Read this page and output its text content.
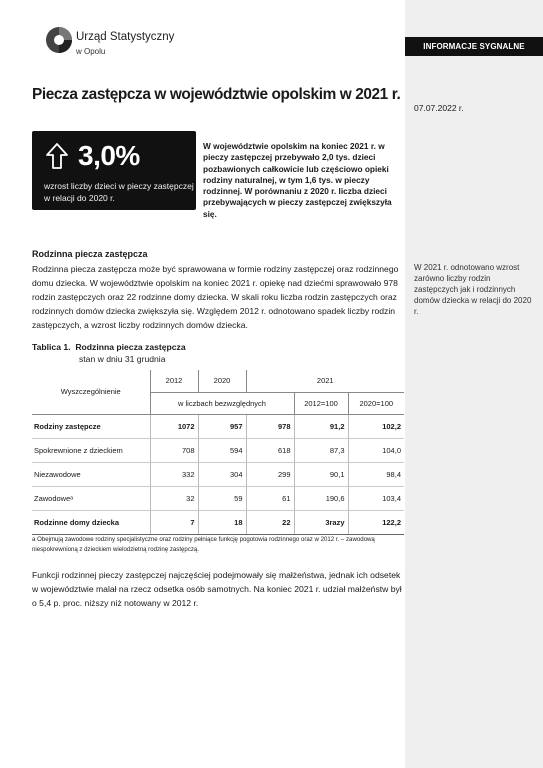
Urząd Statystyczny
w Opolu
INFORMACJE SYGNALNE
Piecza zastępcza w województwie opolskim w 2021 r.
07.07.2022 r.
3,0%
wzrost liczby dzieci w pieczy zastępczej w relacji do 2020 r.
W województwie opolskim na koniec 2021 r. w pieczy zastępczej przebywało 2,0 tys. dzieci pozbawionych całkowicie lub częściowo opieki rodziny naturalnej, w tym 1,6 tys. w pieczy rodzinnej. W porównaniu z 2020 r. liczba dzieci przebywających w pieczy zastępczej zwiększyła się.
Rodzinna piecza zastępcza
Rodzinna piecza zastępcza może być sprawowana w formie rodziny zastępczej oraz rodzinnego domu dziecka. W województwie opolskim na koniec 2021 r. opiekę nad dziećmi sprawowało 978 rodzin zastępczych oraz 22 rodzinne domy dziecka. W skali roku liczba rodzin zastępczych oraz rodzinnych domów dziecka zwiększyła się. Względem 2012 r. odnotowano spadek liczby rodzin zastępczych, a wzrost liczby rodzinnych domów dziecka.
W 2021 r. odnotowano wzrost zarówno liczby rodzin zastępczych jak i rodzinnych domów dziecka w relacji do 2020 r.
Tablica 1. Rodzinna piecza zastępcza
stan w dniu 31 grudnia
Wyszczególnienie	2012	2020	2021		
	w liczbach bezwzględnych			2012=100	2020=100
Rodziny zastępcze	1072	957	978	91,2	102,2
Spokrewnione z dzieckiem	708	594	618	87,3	104,0
Niezawodowe	332	304	299	90,1	98,4
Zawodoweᵃ	32	59	61	190,6	103,4
Rodzinne domy dziecka	7	18	22	3razy	122,2
a Obejmują zawodowe rodziny specjalistyczne oraz rodziny pełniące funkcję pogotowia rodzinnego oraz w 2012 r. – zawodową niespokrewnioną z dzieckiem wielodzietną rodzinę zastępczą.
Funkcji rodzinnej pieczy zastępczej najczęściej podejmowały się małżeństwa, jednak ich odsetek w województwie malał na rzecz odsetka osób samotnych. Na koniec 2021 r. udział małżeństw był o 5,4 p. proc. niższy niż notowany w 2012 r.
